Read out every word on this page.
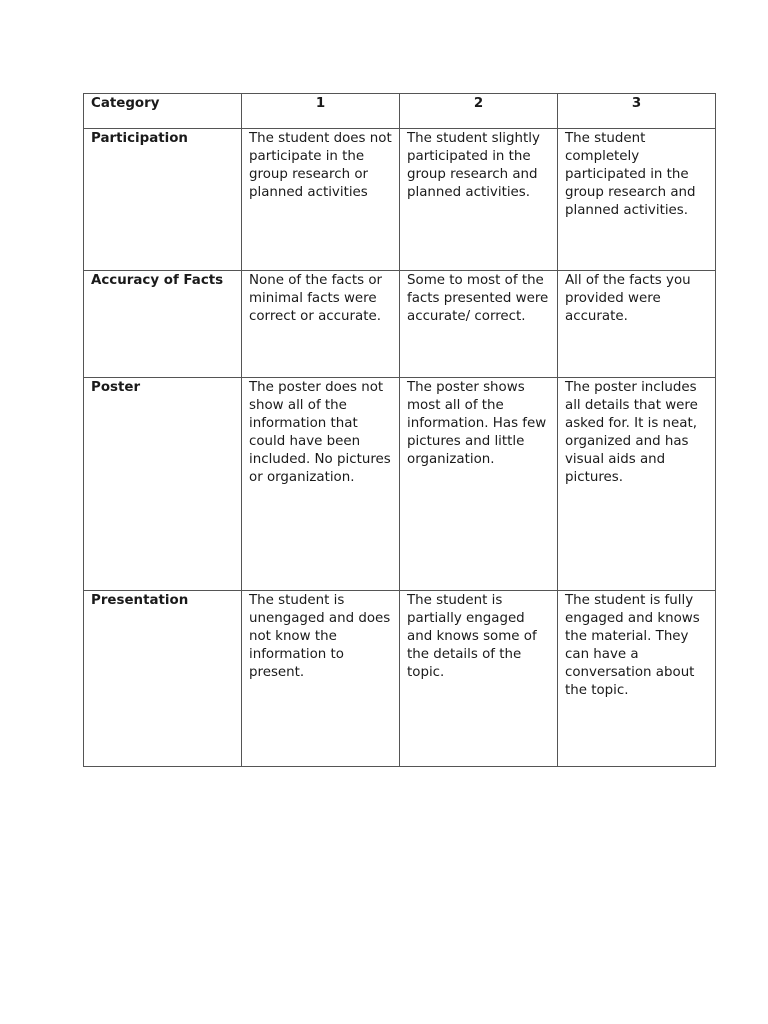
Category	1	2	3
Participation	The student does not participate in the group research or planned activities	The student slightly participated in the group research and planned activities.	The student completely participated in the group research and planned activities.
Accuracy of Facts	None of the facts or minimal facts were correct or accurate.	Some to most of the facts presented were accurate/ correct.	All of the facts you provided were accurate.
Poster	The poster does not show all of the information that could have been included. No pictures or organization.	The poster shows most all of the information. Has few pictures and little organization.	The poster includes all details that were asked for. It is neat, organized and has visual aids and pictures.
Presentation	The student is unengaged and does not know the information to present.	The student is partially engaged and knows some of the details of the topic.	The student is fully engaged and knows the material. They can have a conversation about the topic.
